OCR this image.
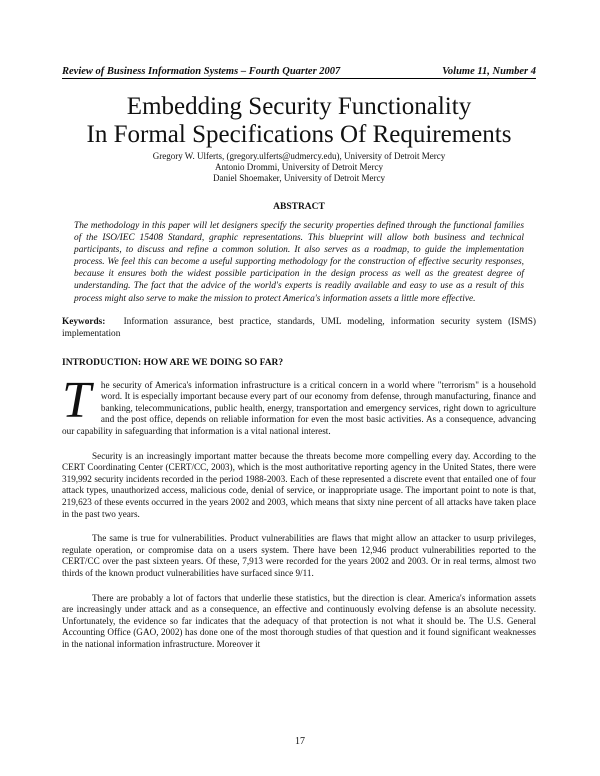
Review of Business Information Systems – Fourth Quarter 2007	Volume 11, Number 4
Embedding Security Functionality
In Formal Specifications Of Requirements
Gregory W. Ulferts, (gregory.ulferts@udmercy.edu), University of Detroit Mercy
Antonio Drommi, University of Detroit Mercy
Daniel Shoemaker, University of Detroit Mercy
ABSTRACT
The methodology in this paper will let designers specify the security properties defined through the functional families of the ISO/IEC 15408 Standard, graphic representations. This blueprint will allow both business and technical participants, to discuss and refine a common solution. It also serves as a roadmap, to guide the implementation process. We feel this can become a useful supporting methodology for the construction of effective security responses, because it ensures both the widest possible participation in the design process as well as the greatest degree of understanding. The fact that the advice of the world's experts is readily available and easy to use as a result of this process might also serve to make the mission to protect America's information assets a little more effective.
Keywords: Information assurance, best practice, standards, UML modeling, information security system (ISMS) implementation
INTRODUCTION: HOW ARE WE DOING SO FAR?
T he security of America's information infrastructure is a critical concern in a world where "terrorism" is a household word. It is especially important because every part of our economy from defense, through manufacturing, finance and banking, telecommunications, public health, energy, transportation and emergency services, right down to agriculture and the post office, depends on reliable information for even the most basic activities. As a consequence, advancing our capability in safeguarding that information is a vital national interest.
Security is an increasingly important matter because the threats become more compelling every day. According to the CERT Coordinating Center (CERT/CC, 2003), which is the most authoritative reporting agency in the United States, there were 319,992 security incidents recorded in the period 1988-2003. Each of these represented a discrete event that entailed one of four attack types, unauthorized access, malicious code, denial of service, or inappropriate usage. The important point to note is that, 219,623 of these events occurred in the years 2002 and 2003, which means that sixty nine percent of all attacks have taken place in the past two years.
The same is true for vulnerabilities. Product vulnerabilities are flaws that might allow an attacker to usurp privileges, regulate operation, or compromise data on a users system. There have been 12,946 product vulnerabilities reported to the CERT/CC over the past sixteen years. Of these, 7,913 were recorded for the years 2002 and 2003. Or in real terms, almost two thirds of the known product vulnerabilities have surfaced since 9/11.
There are probably a lot of factors that underlie these statistics, but the direction is clear. America's information assets are increasingly under attack and as a consequence, an effective and continuously evolving defense is an absolute necessity. Unfortunately, the evidence so far indicates that the adequacy of that protection is not what it should be. The U.S. General Accounting Office (GAO, 2002) has done one of the most thorough studies of that question and it found significant weaknesses in the national information infrastructure. Moreover it
17
